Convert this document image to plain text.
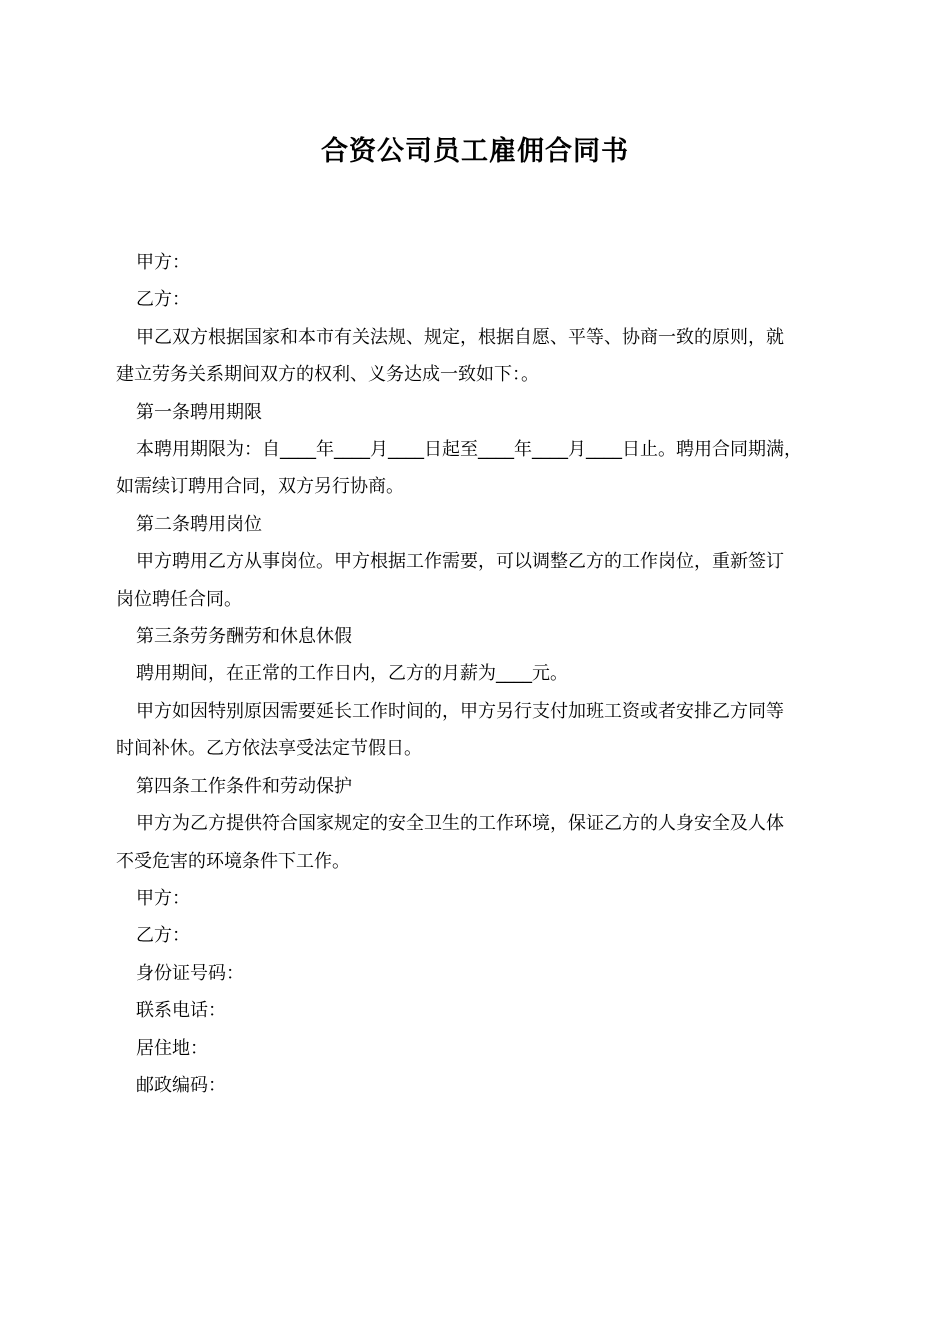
合资公司员工雇佣合同书

甲方：

乙方：

甲乙双方根据国家和本市有关法规、规定，根据自愿、平等、协商一致的原则，就

建立劳务关系期间双方的权利、义务达成一致如下：。

第一条聘用期限

本聘用期限为：自____年____月____日起至____年____月____日止。聘用合同期满，

如需续订聘用合同，双方另行协商。

第二条聘用岗位

甲方聘用乙方从事岗位。甲方根据工作需要，可以调整乙方的工作岗位，重新签订

岗位聘任合同。

第三条劳务酬劳和休息休假

聘用期间，在正常的工作日内，乙方的月薪为____元。

甲方如因特别原因需要延长工作时间的，甲方另行支付加班工资或者安排乙方同等

时间补休。乙方依法享受法定节假日。

第四条工作条件和劳动保护

甲方为乙方提供符合国家规定的安全卫生的工作环境，保证乙方的人身安全及人体

不受危害的环境条件下工作。

甲方：

乙方：

身份证号码：

联系电话：

居住地：

邮政编码：
